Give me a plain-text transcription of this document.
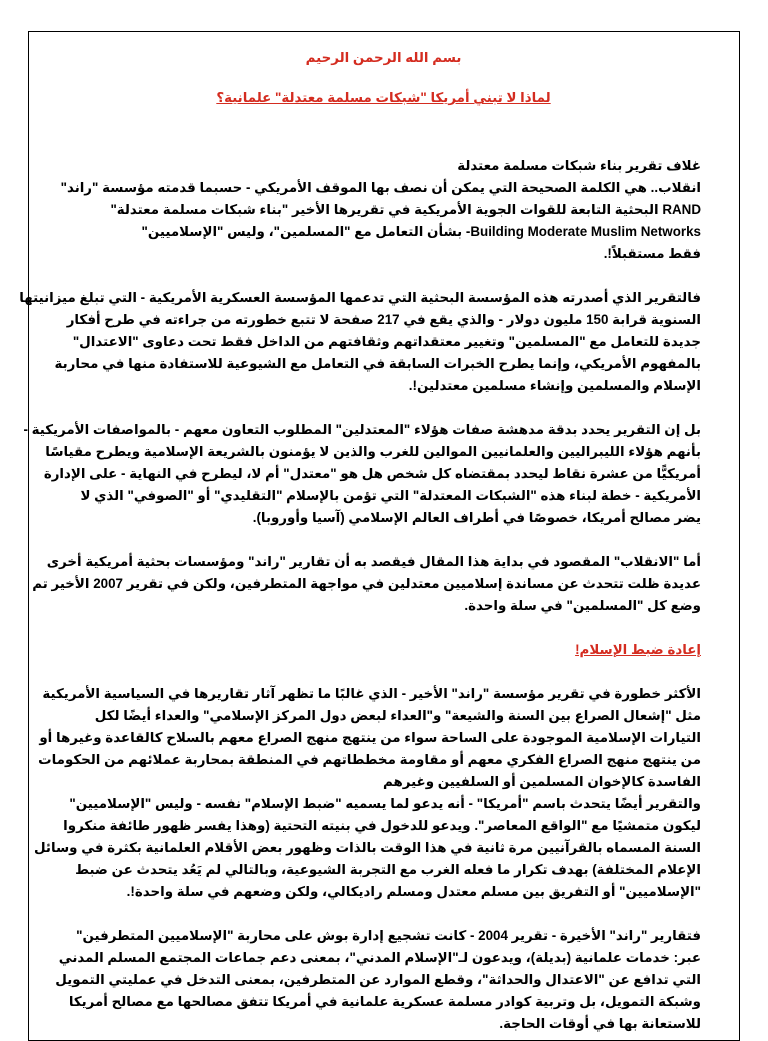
بسم الله الرحمن الرحيم

لماذا لا تبني أمريكا "شبكات مسلمة معتدلة" علمانية؟

غلاف تقرير بناء شبكات مسلمة معتدلة

انقلاب.. هي الكلمة الصحيحة التي يمكن أن نصف بها الموقف الأمريكي - حسبما قدمته مؤسسة "راند"
RAND البحثية التابعة للقوات الجوية الأمريكية في تقريرها الأخير "بناء شبكات مسلمة معتدلة"
Building Moderate Muslim Networks- بشأن التعامل مع "المسلمين"، وليس "الإسلاميين"
فقط مستقبلاً!.

فالتقرير الذي أصدرته هذه المؤسسة البحثية التي تدعمها المؤسسة العسكرية الأمريكية - التي تبلغ ميزانيتها
السنوية قرابة 150 مليون دولار - والذي يقع في 217 صفحة لا تتبع خطورته من جراءته في طرح أفكار
جديدة للتعامل مع "المسلمين" وتغيير معتقداتهم وثقافتهم من الداخل فقط تحت دعاوى "الاعتدال"
بالمفهوم الأمريكي، وإنما يطرح الخبرات السابقة في التعامل مع الشيوعية للاستفادة منها في محاربة
الإسلام والمسلمين وإنشاء مسلمين معتدلين!.

بل إن التقرير يحدد بدقة مدهشة صفات هؤلاء "المعتدلين" المطلوب التعاون معهم - بالمواصفات الأمريكية -
بأنهم هؤلاء الليبراليين والعلمانيين الموالين للغرب والذين لا يؤمنون بالشريعة الإسلامية ويطرح مقياسًا
أمريكيًّا من عشرة نقاط ليحدد بمقتضاه كل شخص هل هو "معتدل" أم لا، ليطرح في النهاية - على الإدارة
الأمريكية - خطة لبناء هذه "الشبكات المعتدلة" التي تؤمن بالإسلام "التقليدي" أو "الصوفي" الذي لا
يضر مصالح أمريكا، خصوصًا في أطراف العالم الإسلامي (آسيا وأوروبا).

أما "الانقلاب" المقصود في بداية هذا المقال فيقصد به أن تقارير "راند" ومؤسسات بحثية أمريكية أخرى
عديدة ظلت تتحدث عن مساندة إسلاميين معتدلين في مواجهة المتطرفين، ولكن في تقرير 2007 الأخير تم
وضع كل "المسلمين" في سلة واحدة.

إعادة ضبط الإسلام!

الأكثر خطورة في تقرير مؤسسة "راند" الأخير - الذي غالبًا ما تظهر آثار تقاريرها في السياسية الأمريكية
مثل "إشعال الصراع بين السنة والشيعة" و"العداء لبعض دول المركز الإسلامي" والعداء أيضًا لكل
التيارات الإسلامية الموجودة على الساحة سواء من ينتهج منهج الصراع معهم بالسلاح كالقاعدة وغيرها أو
من ينتهج منهج الصراع الفكري معهم أو مقاومة مخططاتهم في المنطقة بمحاربة عملائهم من الحكومات
الفاسدة كالإخوان المسلمين أو السلفيين وغيرهم
والتقرير أيضًا يتحدث باسم "أمريكا" - أنه يدعو لما يسميه "ضبط الإسلام" نفسه - وليس "الإسلاميين"
ليكون متمشيًا مع "الواقع المعاصر". ويدعو للدخول في بنيته التحتية (وهذا يفسر ظهور طائفة منكروا
السنة المسماه بالقرآنيين مرة ثانية في هذا الوقت بالذات وظهور بعض الأقلام العلمانية بكثرة في وسائل
الإعلام المختلفة) بهدف تكرار ما فعله الغرب مع التجربة الشيوعية، وبالتالي لم يَعُد يتحدث عن ضبط
"الإسلاميين" أو التفريق بين مسلم معتدل ومسلم راديكالي، ولكن وضعهم في سلة واحدة!.

فتقارير "راند" الأخيرة - تقرير 2004 - كانت تشجيع إدارة بوش على محاربة "الإسلاميين المتطرفين"
عبر: خدمات علمانية (بديلة)، ويدعون لـ"الإسلام المدني"، بمعنى دعم جماعات المجتمع المسلم المدني
التي تدافع عن "الاعتدال والحداثة"، وقطع الموارد عن المتطرفين، بمعنى التدخل في عمليتي التمويل
وشبكة التمويل، بل وتربية كوادر مسلمة عسكرية علمانية في أمريكا تتفق مصالحها مع مصالح أمريكا
للاستعانة بها في أوقات الحاجة.
